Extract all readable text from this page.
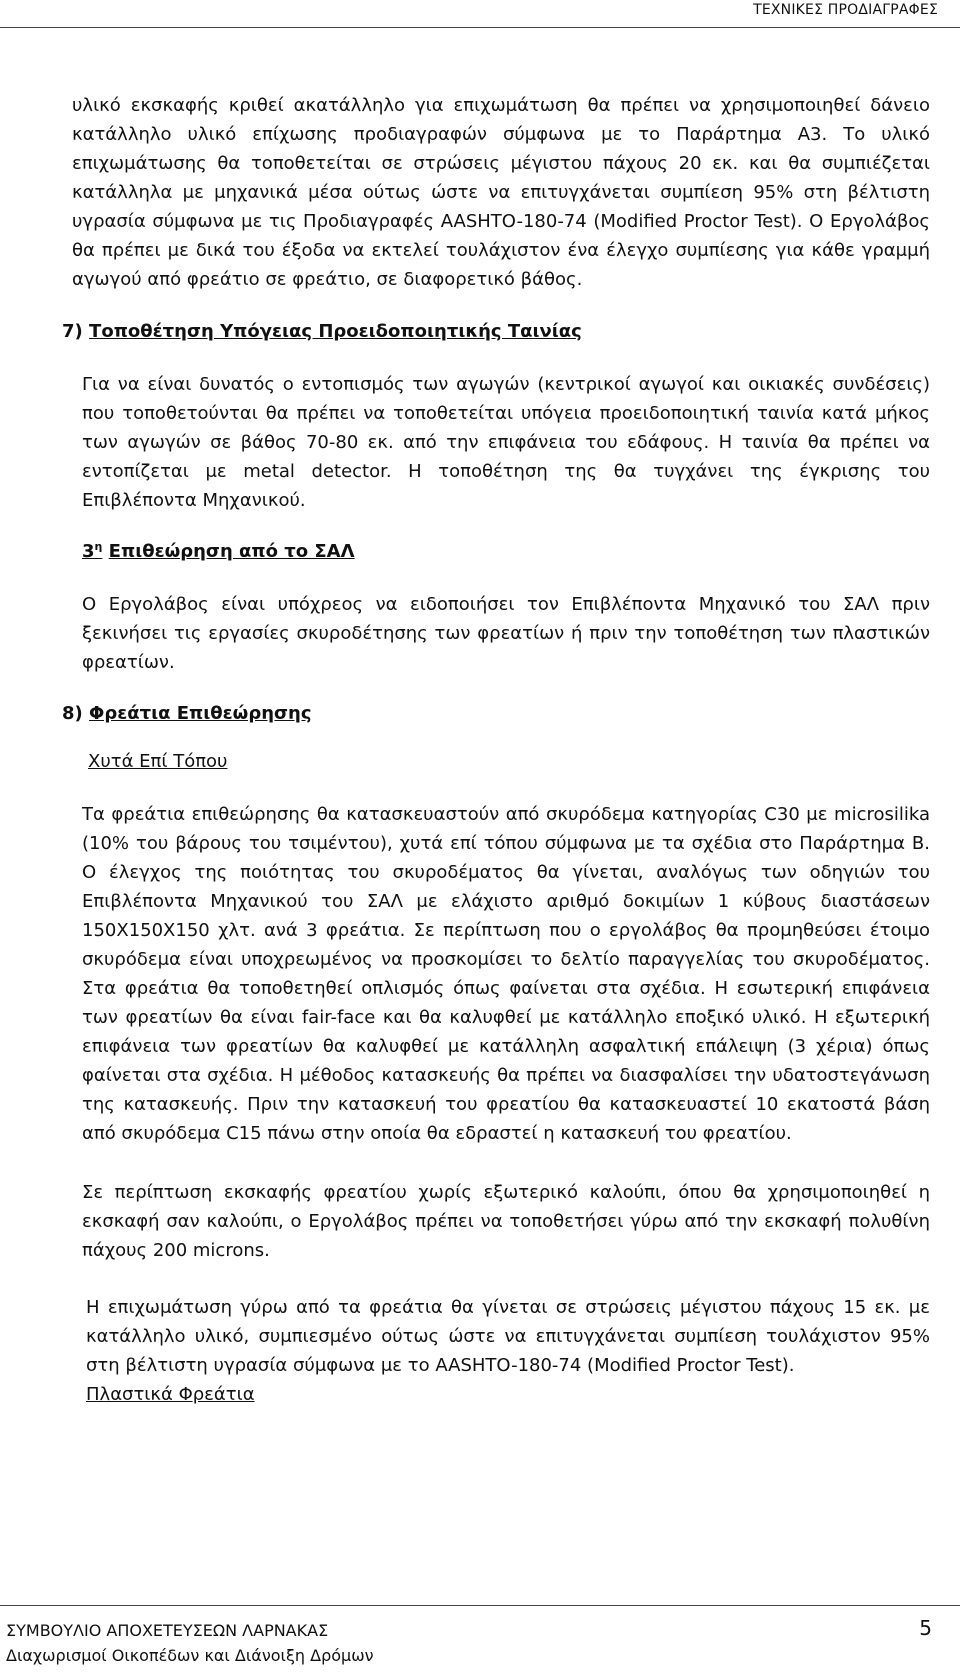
ΤΕΧΝΙΚΕΣ ΠΡΟΔΙΑΓΡΑΦΕΣ

υλικό εκσκαφής κριθεί ακατάλληλο για επιχωμάτωση θα πρέπει να χρησιμοποιηθεί δάνειο κατάλληλο υλικό επίχωσης προδιαγραφών σύμφωνα με το Παράρτημα Α3. Το υλικό επιχωμάτωσης θα τοποθετείται σε στρώσεις μέγιστου πάχους 20 εκ. και θα συμπιέζεται κατάλληλα με μηχανικά μέσα ούτως ώστε να επιτυγχάνεται συμπίεση 95% στη βέλτιστη υγρασία σύμφωνα με τις Προδιαγραφές AASHTO-180-74 (Modified Proctor Test). Ο Εργολάβος θα πρέπει με δικά του έξοδα να εκτελεί τουλάχιστον ένα έλεγχο συμπίεσης για κάθε γραμμή αγωγού από φρεάτιο σε φρεάτιο, σε διαφορετικό βάθος.

7) Τοποθέτηση Υπόγειας Προειδοποιητικής Ταινίας

Για να είναι δυνατός ο εντοπισμός των αγωγών (κεντρικοί αγωγοί και οικιακές συνδέσεις) που τοποθετούνται θα πρέπει να τοποθετείται υπόγεια προειδοποιητική ταινία κατά μήκος των αγωγών σε βάθος 70-80 εκ. από την επιφάνεια του εδάφους. Η ταινία θα πρέπει να εντοπίζεται με metal detector. Η τοποθέτηση της θα τυγχάνει της έγκρισης του Επιβλέποντα Μηχανικού.

$3^\eta$ Επιθεώρηση από το ΣΑΛ

Ο Εργολάβος είναι υπόχρεος να ειδοποιήσει τον Επιβλέποντα Μηχανικό του ΣΑΛ πριν ξεκινήσει τις εργασίες σκυροδέτησης των φρεατίων ή πριν την τοποθέτηση των πλαστικών φρεατίων.

8) Φρεάτια Επιθεώρησης

Χυτά Επί Τόπου

Τα φρεάτια επιθεώρησης θα κατασκευαστούν από σκυρόδεμα κατηγορίας C30 με microsilika (10% του βάρους του τσιμέντου), χυτά επί τόπου σύμφωνα με τα σχέδια στο Παράρτημα Β. Ο έλεγχος της ποιότητας του σκυροδέματος θα γίνεται, αναλόγως των οδηγιών του Επιβλέποντα Μηχανικού του ΣΑΛ με ελάχιστο αριθμό δοκιμίων 1 κύβους διαστάσεων 150Χ150Χ150 χλτ. ανά 3 φρεάτια. Σε περίπτωση που ο εργολάβος θα προμηθεύσει έτοιμο σκυρόδεμα είναι υποχρεωμένος να προσκομίσει το δελτίο παραγγελίας του σκυροδέματος. Στα φρεάτια θα τοποθετηθεί οπλισμός όπως φαίνεται στα σχέδια. Η εσωτερική επιφάνεια των φρεατίων θα είναι fair-face και θα καλυφθεί με κατάλληλο εποξικό υλικό. Η εξωτερική επιφάνεια των φρεατίων θα καλυφθεί με κατάλληλη ασφαλτική επάλειψη (3 χέρια) όπως φαίνεται στα σχέδια. Η μέθοδος κατασκευής θα πρέπει να διασφαλίσει την υδατοστεγάνωση της κατασκευής. Πριν την κατασκευή του φρεατίου θα κατασκευαστεί 10 εκατοστά βάση από σκυρόδεμα C15 πάνω στην οποία θα εδραστεί η κατασκευή του φρεατίου.

Σε περίπτωση εκσκαφής φρεατίου χωρίς εξωτερικό καλούπι, όπου θα χρησιμοποιηθεί η εκσκαφή σαν καλούπι, ο Εργολάβος πρέπει να τοποθετήσει γύρω από την εκσκαφή πολυθίνη πάχους 200 microns.

Η επιχωμάτωση γύρω από τα φρεάτια θα γίνεται σε στρώσεις μέγιστου πάχους 15 εκ. με κατάλληλο υλικό, συμπιεσμένο ούτως ώστε να επιτυγχάνεται συμπίεση τουλάχιστον 95% στη βέλτιστη υγρασία σύμφωνα με το AASHTO-180-74 (Modified Proctor Test).

Πλαστικά Φρεάτια

ΣΥΜΒΟΥΛΙΟ ΑΠΟΧΕΤΕΥΣΕΩΝ ΛΑΡΝΑΚΑΣ
Διαχωρισμοί Οικοπέδων και Διάνοιξη Δρόμων
5
